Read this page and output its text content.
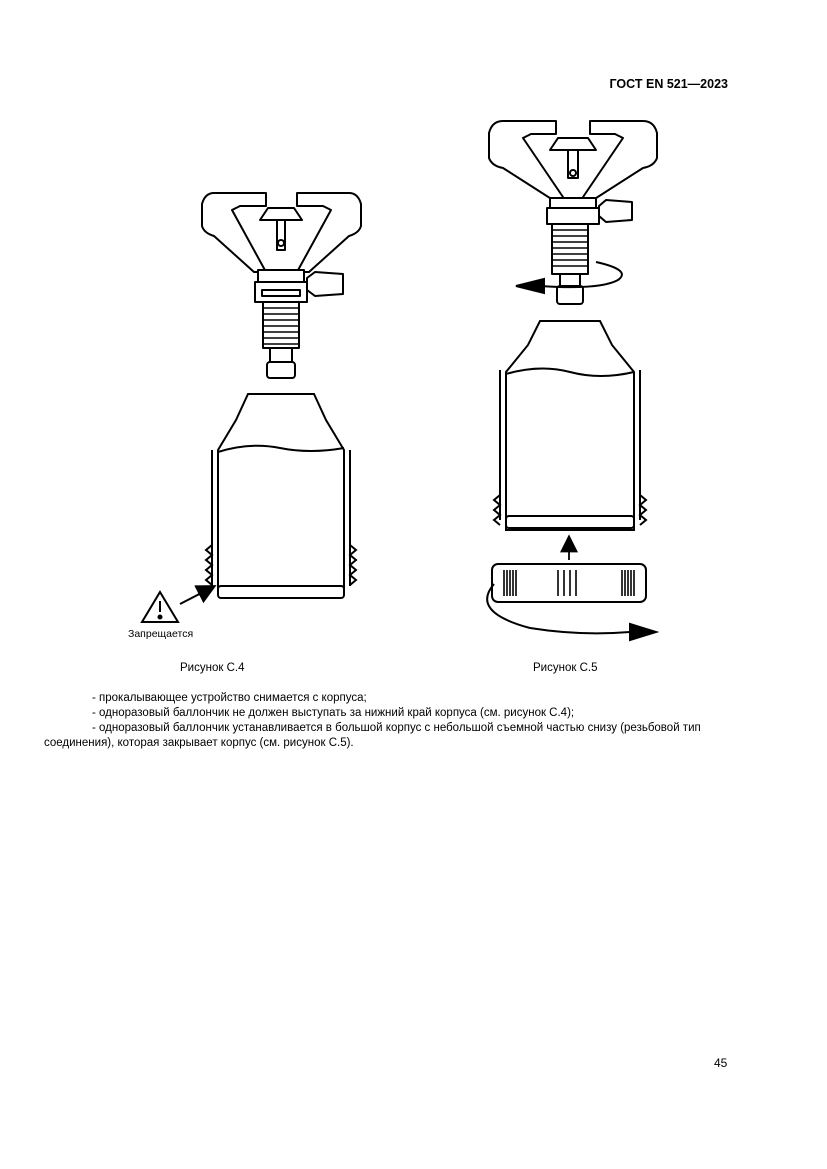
ГОСТ EN 521—2023
Запрещается
Рисунок С.4	Рисунок С.5

- прокалывающее устройство снимается с корпуса;

- одноразовый баллончик не должен выступать за нижний край корпуса (см. рисунок С.4);

- одноразовый баллончик устанавливается в большой корпус с небольшой съемной частью снизу (резьбовой тип соединения), которая закрывает корпус (см. рисунок С.5).

45
